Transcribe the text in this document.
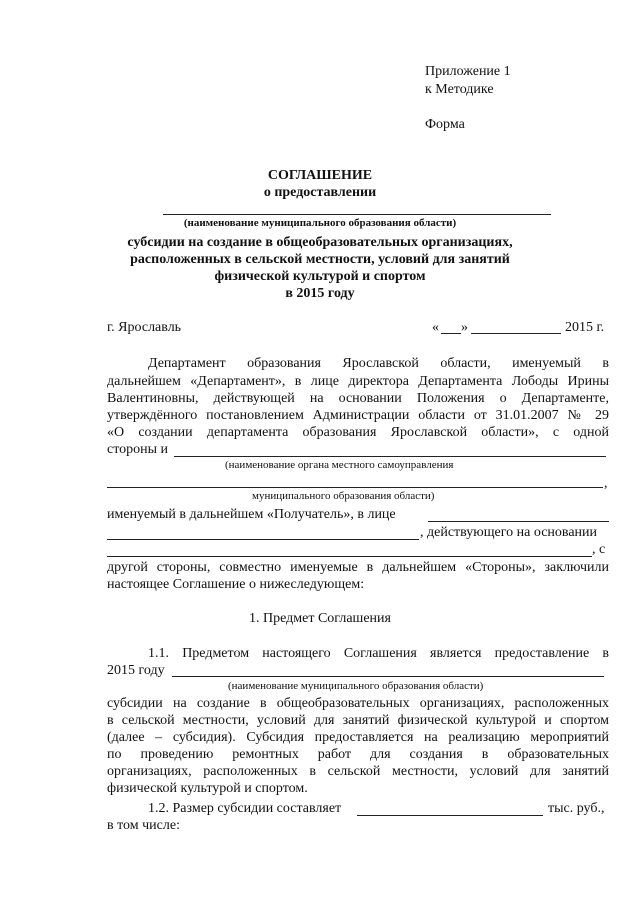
Приложение 1
к Методике
Форма
СОГЛАШЕНИЕ
о предоставлении
(наименование муниципального образования области)
субсидии на создание в общеобразовательных организациях,
расположенных в сельской местности, условий для занятий
физической культурой и спортом
в 2015 году
г. Ярославль	« »	2015 г.
Департамент образования Ярославской области, именуемый в
дальнейшем «Департамент», в лице директора Департамента Лободы Ирины
Валентиновны, действующей на основании Положения о Департаменте,
утверждённого постановлением Администрации области от 31.01.2007 № 29
«О создании департамента образования Ярославской области», с одной
стороны и
(наименование органа местного самоуправления
,
муниципального образования области)
именуемый в дальнейшем «Получатель», в лице
, действующего на основании
, с
другой стороны, совместно именуемые в дальнейшем «Стороны», заключили
настоящее Соглашение о нижеследующем:
1. Предмет Соглашения
1.1. Предметом настоящего Соглашения является предоставление в
2015 году
(наименование муниципального образования области)
субсидии на создание в общеобразовательных организациях, расположенных
в сельской местности, условий для занятий физической культурой и спортом
(далее – субсидия). Субсидия предоставляется на реализацию мероприятий
по проведению ремонтных работ для создания в образовательных
организациях, расположенных в сельской местности, условий для занятий
физической культурой и спортом.
1.2. Размер субсидии составляет	тыс. руб.,
в том числе:
